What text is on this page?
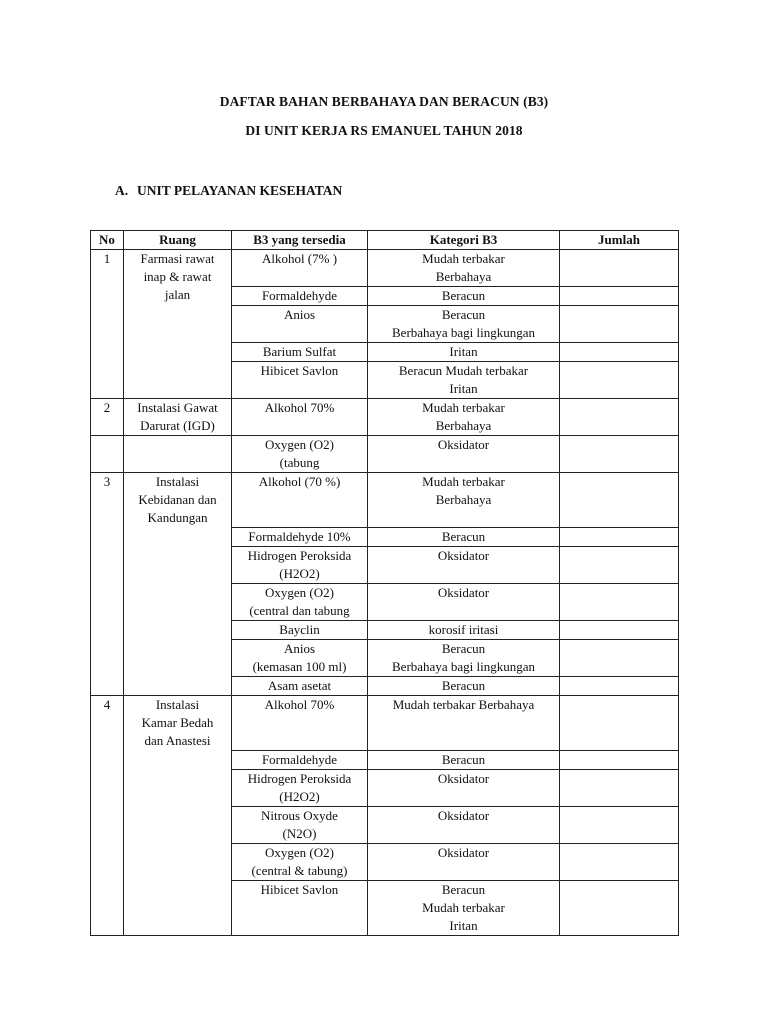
DAFTAR BAHAN BERBAHAYA DAN BERACUN (B3)
DI UNIT KERJA RS EMANUEL TAHUN 2018
A. UNIT PELAYANAN KESEHATAN
No	Ruang	B3 yang tersedia	Kategori B3	Jumlah
1	Farmasi rawat
inap & rawat
jalan	Alkohol (7% )	Mudah terbakar
Berbahaya	

		Formaldehyde	Beracun	

		Anios	Beracun
Berbahaya bagi lingkungan	

		Barium Sulfat	Iritan	

		Hibicet Savlon	Beracun Mudah terbakar
Iritan	

2	Instalasi Gawat
Darurat (IGD)	Alkohol 70%	Mudah terbakar
Berbahaya	

		Oxygen (O2)
(tabung	Oksidator	

3	Instalasi
Kebidanan dan
Kandungan	Alkohol (70 %)	Mudah terbakar
Berbahaya	

		Formaldehyde 10%	Beracun	

		Hidrogen Peroksida
(H2O2)	Oksidator	

		Oxygen (O2)
(central dan tabung	Oksidator	

		Bayclin	korosif iritasi	

		Anios
(kemasan 100 ml)	Beracun
Berbahaya bagi lingkungan	

		Asam asetat	Beracun	

4	Instalasi
Kamar Bedah
dan Anastesi	Alkohol 70%	Mudah terbakar Berbahaya	

		Formaldehyde	Beracun	

		Hidrogen Peroksida
(H2O2)	Oksidator	

		Nitrous Oxyde
(N2O)	Oksidator	

		Oxygen (O2)
(central & tabung)	Oksidator	

		Hibicet Savlon	Beracun
Mudah terbakar
Iritan	
